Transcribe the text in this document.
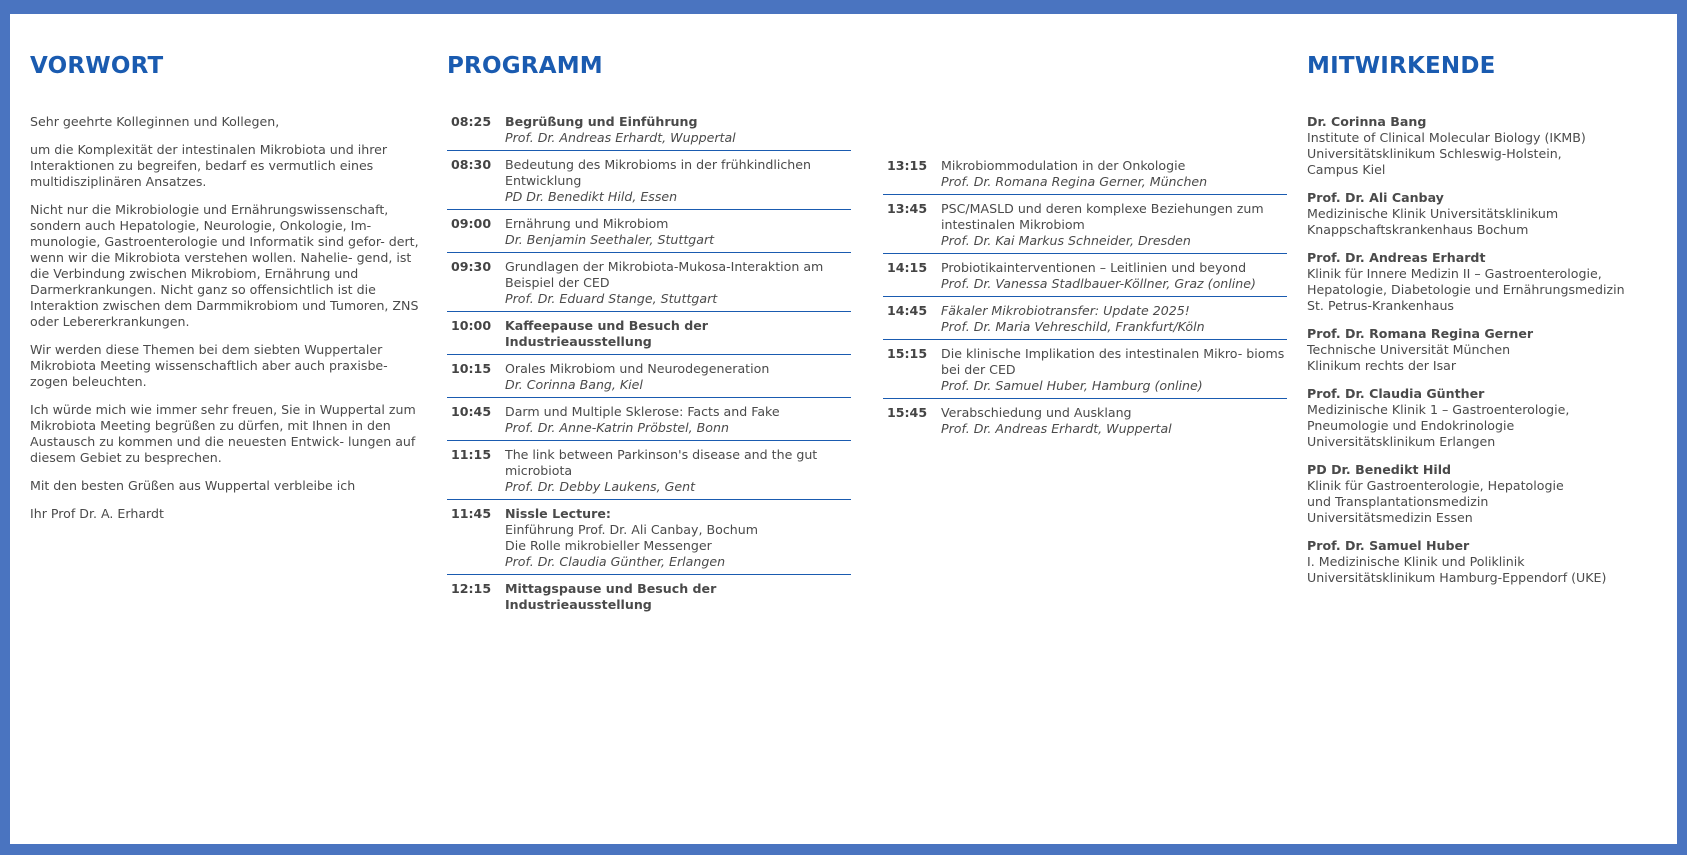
VORWORT

Sehr geehrte Kolleginnen und Kollegen,

um die Komplexität der intestinalen Mikrobiota und ihrer Interaktionen zu begreifen, bedarf es vermutlich eines multidisziplinären Ansatzes.

Nicht nur die Mikrobiologie und Ernährungswissenschaft, sondern auch Hepatologie, Neurologie, Onkologie, Im- munologie, Gastroenterologie und Informatik sind gefor- dert, wenn wir die Mikrobiota verstehen wollen. Nahelie- gend, ist die Verbindung zwischen Mikrobiom, Ernährung und Darmerkrankungen. Nicht ganz so offensichtlich ist die Interaktion zwischen dem Darmmikrobiom und Tumoren, ZNS oder Lebererkrankungen.

Wir werden diese Themen bei dem siebten Wuppertaler Mikrobiota Meeting wissenschaftlich aber auch praxisbe- zogen beleuchten.

Ich würde mich wie immer sehr freuen, Sie in Wuppertal zum Mikrobiota Meeting begrüßen zu dürfen, mit Ihnen in den Austausch zu kommen und die neuesten Entwick- lungen auf diesem Gebiet zu besprechen.

Mit den besten Grüßen aus Wuppertal verbleibe ich

Ihr Prof Dr. A. Erhardt

PROGRAMM
08:25 Begrüßung und Einführung
Prof. Dr. Andreas Erhardt, Wuppertal
08:30 Bedeutung des Mikrobioms in der frühkindlichen Entwicklung
PD Dr. Benedikt Hild, Essen
09:00 Ernährung und Mikrobiom
Dr. Benjamin Seethaler, Stuttgart
09:30 Grundlagen der Mikrobiota-Mukosa-Interaktion am Beispiel der CED
Prof. Dr. Eduard Stange, Stuttgart
10:00 Kaffeepause und Besuch der Industrieausstellung
10:15 Orales Mikrobiom und Neurodegeneration
Dr. Corinna Bang, Kiel
10:45 Darm und Multiple Sklerose: Facts and Fake
Prof. Dr. Anne-Katrin Pröbstel, Bonn
11:15 The link between Parkinson's disease and the gut microbiota
Prof. Dr. Debby Laukens, Gent
11:45 Nissle Lecture:
Einführung Prof. Dr. Ali Canbay, Bochum
Die Rolle mikrobieller Messenger
Prof. Dr. Claudia Günther, Erlangen
12:15 Mittagspause und Besuch der Industrieausstellung
13:15 Mikrobiommodulation in der Onkologie
Prof. Dr. Romana Regina Gerner, München
13:45 PSC/MASLD und deren komplexe Beziehungen zum intestinalen Mikrobiom
Prof. Dr. Kai Markus Schneider, Dresden
14:15 Probiotikainterventionen – Leitlinien und beyond
Prof. Dr. Vanessa Stadlbauer-Köllner, Graz (online)
14:45 Fäkaler Mikrobiotransfer: Update 2025!
Prof. Dr. Maria Vehreschild, Frankfurt/Köln
15:15 Die klinische Implikation des intestinalen Mikro- bioms bei der CED
Prof. Dr. Samuel Huber, Hamburg (online)
15:45 Verabschiedung und Ausklang
Prof. Dr. Andreas Erhardt, Wuppertal
MITWIRKENDE
Dr. Corinna Bang
Institute of Clinical Molecular Biology (IKMB)
Universitätsklinikum Schleswig-Holstein,
Campus Kiel
Prof. Dr. Ali Canbay
Medizinische Klinik Universitätsklinikum
Knappschaftskrankenhaus Bochum
Prof. Dr. Andreas Erhardt
Klinik für Innere Medizin II – Gastroenterologie,
Hepatologie, Diabetologie und Ernährungsmedizin
St. Petrus-Krankenhaus
Prof. Dr. Romana Regina Gerner
Technische Universität München
Klinikum rechts der Isar
Prof. Dr. Claudia Günther
Medizinische Klinik 1 – Gastroenterologie,
Pneumologie und Endokrinologie
Universitätsklinikum Erlangen
PD Dr. Benedikt Hild
Klinik für Gastroenterologie, Hepatologie
und Transplantationsmedizin
Universitätsmedizin Essen
Prof. Dr. Samuel Huber
I. Medizinische Klinik und Poliklinik
Universitätsklinikum Hamburg-Eppendorf (UKE)
